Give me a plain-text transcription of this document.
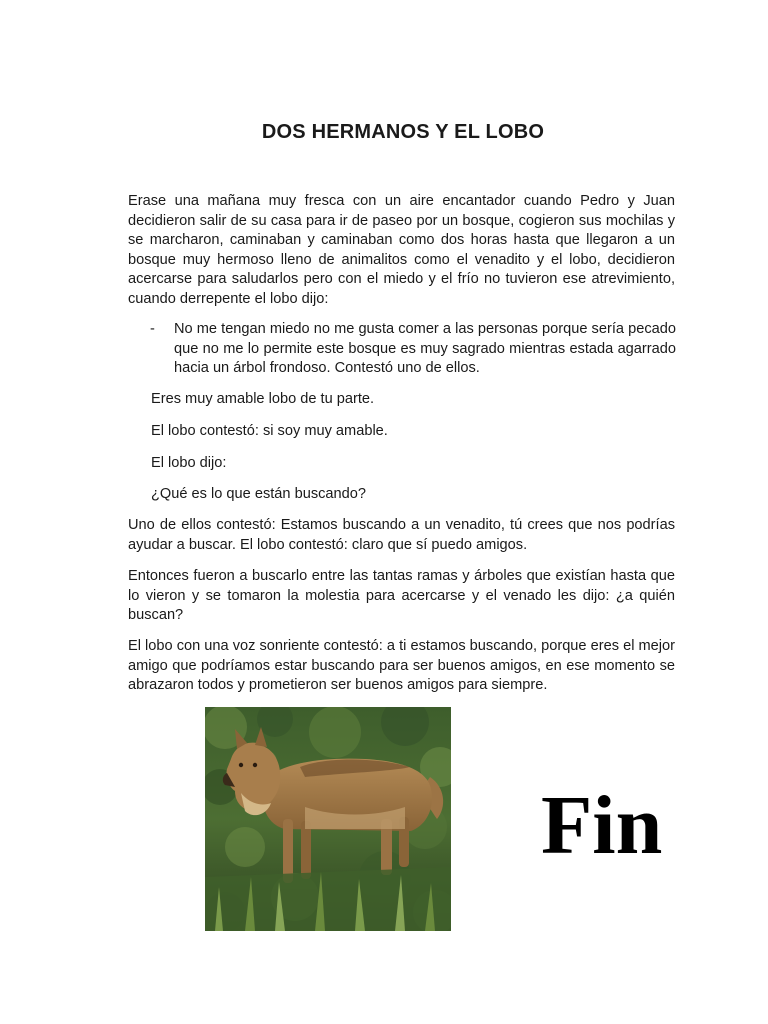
DOS HERMANOS Y EL LOBO

Erase una mañana muy fresca con un aire encantador cuando Pedro y Juan decidieron salir de su casa para ir de paseo por un bosque, cogieron sus mochilas y se marcharon, caminaban y caminaban como dos horas hasta que llegaron a un bosque muy hermoso lleno de animalitos como el venadito y el lobo, decidieron acercarse para saludarlos pero con el miedo y el frío no tuvieron ese atrevimiento, cuando derrepente el lobo dijo:

- No me tengan miedo no me gusta comer a las personas porque sería pecado que no me lo permite este bosque es muy sagrado mientras estada agarrado hacia un árbol frondoso. Contestó uno de ellos.
Eres muy amable lobo de tu parte.
El lobo contestó: si soy muy amable.
El lobo dijo:
¿Qué es lo que están buscando?

Uno de ellos contestó: Estamos buscando a un venadito, tú crees que nos podrías ayudar a buscar. El lobo contestó: claro que sí puedo amigos.

Entonces fueron a buscarlo entre las tantas ramas y árboles que existían hasta que lo vieron y se tomaron la molestia para acercarse y el venado les dijo: ¿a quién buscan?

El lobo con una voz sonriente contestó: a ti estamos buscando, porque eres el mejor amigo que podríamos estar buscando para ser buenos amigos, en ese momento se abrazaron todos y prometieron ser buenos amigos para siempre.

Fin
